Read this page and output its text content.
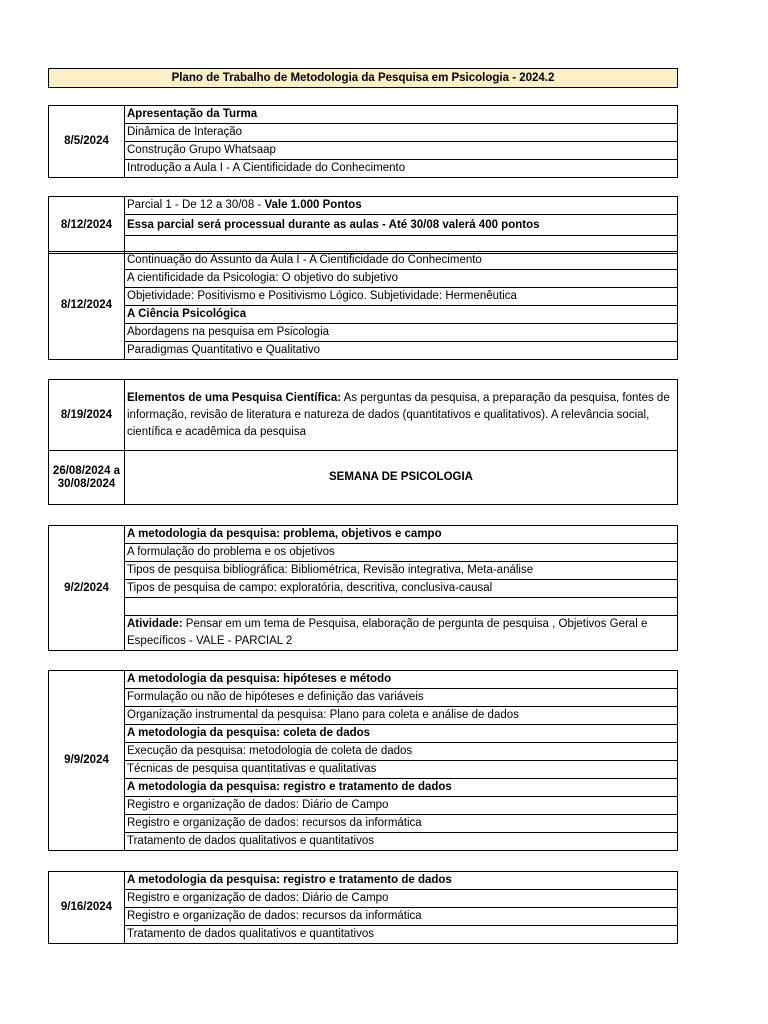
Plano de Trabalho de Metodologia da Pesquisa em Psicologia - 2024.2
8/5/2024	Apresentação da Turma
Dinâmica de Interação
Construção Grupo Whatsaap
Introdução a Aula I - A Cientificidade do Conhecimento
8/12/2024	Parcial 1 - De 12 a 30/08 - Vale 1.000 Pontos
Essa parcial será processual durante as aulas - Até 30/08 valerá 400 pontos

8/12/2024	Continuação do Assunto da Aula I - A Cientificidade do Conhecimento
A cientificidade da Psicologia: O objetivo do subjetivo
Objetividade: Positivismo e Positivismo Lógico. Subjetividade: Hermenêutica
A Ciência Psicológica
Abordagens na pesquisa em Psicologia
Paradigmas Quantitativo e Qualitativo
8/19/2024	Elementos de uma Pesquisa Científica: As perguntas da pesquisa, a preparação da pesquisa, fontes de informação, revisão de literatura e natureza de dados (quantitativos e qualitativos). A relevância social, científica e acadêmica da pesquisa
26/08/2024 a 30/08/2024	SEMANA DE PSICOLOGIA
9/2/2024	A metodologia da pesquisa: problema, objetivos e campo
A formulação do problema e os objetivos
Tipos de pesquisa bibliográfica: Bibliométrica, Revisão integrativa, Meta-análise
Tipos de pesquisa de campo: exploratória, descritiva, conclusiva-causal

Atividade: Pensar em um tema de Pesquisa, elaboração de pergunta de pesquisa , Objetivos Geral e Específicos - VALE - PARCIAL 2
9/9/2024	A metodologia da pesquisa: hipóteses e método
Formulação ou não de hipóteses e definição das variáveis
Organização instrumental da pesquisa: Plano para coleta e análise de dados
A metodologia da pesquisa: coleta de dados
Execução da pesquisa: metodologia de coleta de dados
Técnicas de pesquisa quantitativas e qualitativas
A metodologia da pesquisa: registro e tratamento de dados
Registro e organização de dados: Diário de Campo
Registro e organização de dados: recursos da informática
Tratamento de dados qualitativos e quantitativos
9/16/2024	A metodologia da pesquisa: registro e tratamento de dados
Registro e organização de dados: Diário de Campo
Registro e organização de dados: recursos da informática
Tratamento de dados qualitativos e quantitativos
